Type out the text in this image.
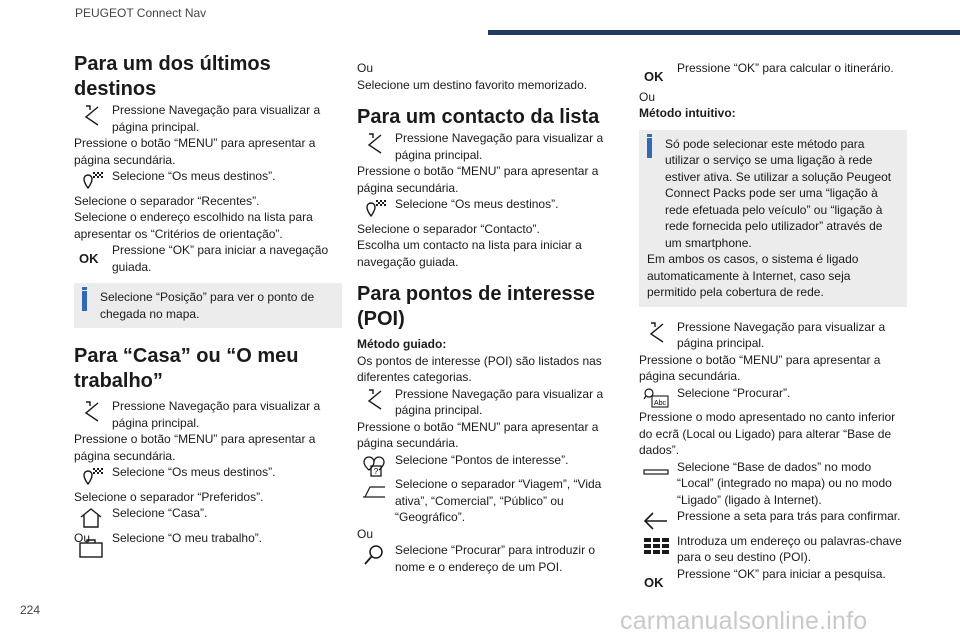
PEUGEOT Connect Nav
Para um dos últimos destinos
Pressione Navegação para visualizar a página principal.

Pressione o botão “MENU” para apresentar a página secundária.

Selecione “Os meus destinos”.

Selecione o separador “Recentes”.

Selecione o endereço escolhido na lista para apresentar os “Critérios de orientação”.

OK
Pressione “OK” para iniciar a navegação guiada.
Selecione “Posição” para ver o ponto de chegada no mapa.
Para “Casa” ou “O meu trabalho”
Pressione Navegação para visualizar a página principal.

Pressione o botão “MENU” para apresentar a página secundária.

Selecione “Os meus destinos”.

Selecione o separador “Preferidos”.

Selecione “Casa”.

Ou	Selecione “O meu trabalho”.

Ou

Selecione um destino favorito memorizado.

Para um contacto da lista
Pressione Navegação para visualizar a página principal.

Pressione o botão “MENU” para apresentar a página secundária.

Selecione “Os meus destinos”.

Selecione o separador “Contacto”.

Escolha um contacto na lista para iniciar a navegação guiada.

Para pontos de interesse (POI)

Método guiado:

Os pontos de interesse (POI) são listados nas diferentes categorias.

Pressione Navegação para visualizar a página principal.

Pressione o botão “MENU” para apresentar a página secundária.

?
Selecione “Pontos de interesse”.
Selecione o separador “Viagem”, “Vida ativa”, “Comercial”, “Público” ou “Geográfico”.

Ou

Selecione “Procurar” para introduzir o nome e o endereço de um POI.
OK
Pressione “OK” para calcular o itinerário.

Ou

Método intuitivo:

Só pode selecionar este método para utilizar o serviço se uma ligação à rede estiver ativa. Se utilizar a solução Peugeot Connect Packs pode ser uma “ligação à rede efetuada pelo veículo” ou “ligação à rede fornecida pelo utilizador” através de um smartphone.
Em ambos os casos, o sistema é ligado automaticamente à Internet, caso seja permitido pela cobertura de rede.
Pressione Navegação para visualizar a página principal.

Pressione o botão “MENU” para apresentar a página secundária.

Abc
Selecione “Procurar”.

Pressione o modo apresentado no canto inferior do ecrã (Local ou Ligado) para alterar “Base de dados”.

Selecione “Base de dados” no modo “Local” (integrado no mapa) ou no modo “Ligado” (ligado à Internet).
Pressione a seta para trás para confirmar.
Introduza um endereço ou palavras-chave para o seu destino (POI).
OK
Pressione “OK” para iniciar a pesquisa.
224	carmanualsonline.info
